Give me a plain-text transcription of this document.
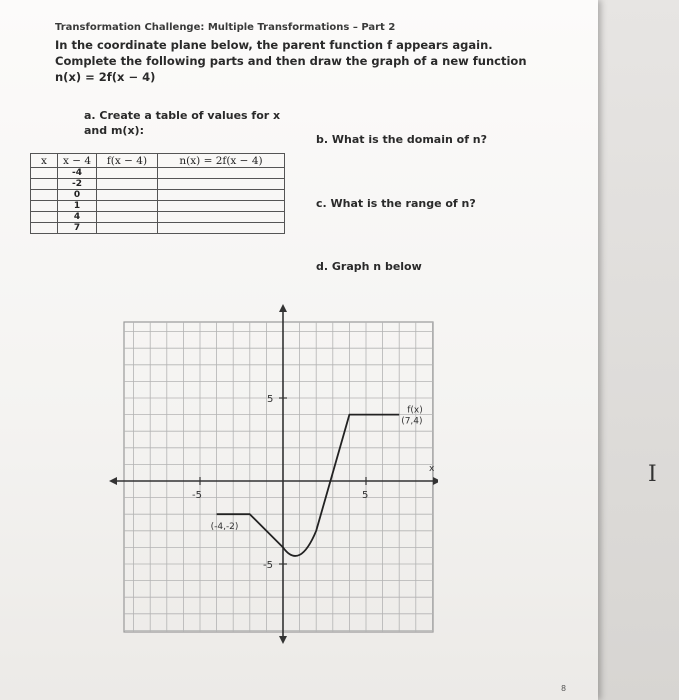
Transformation Challenge: Multiple Transformations – Part 2
In the coordinate plane below, the parent function f appears again. Complete the following parts and then draw the graph of a new function n(x) = 2f(x − 4)
a. Create a table of values for x and m(x):
b. What is the domain of n?
c. What is the range of n?
d. Graph n below
x	x − 4	f(x − 4)	n(x) = 2f(x − 4)
	-4		
	-2		
	0		
	1		
	4		
	7		
-5	5
5
-5
x
(-4,-2)
f(x)
(7,4)
8
I
